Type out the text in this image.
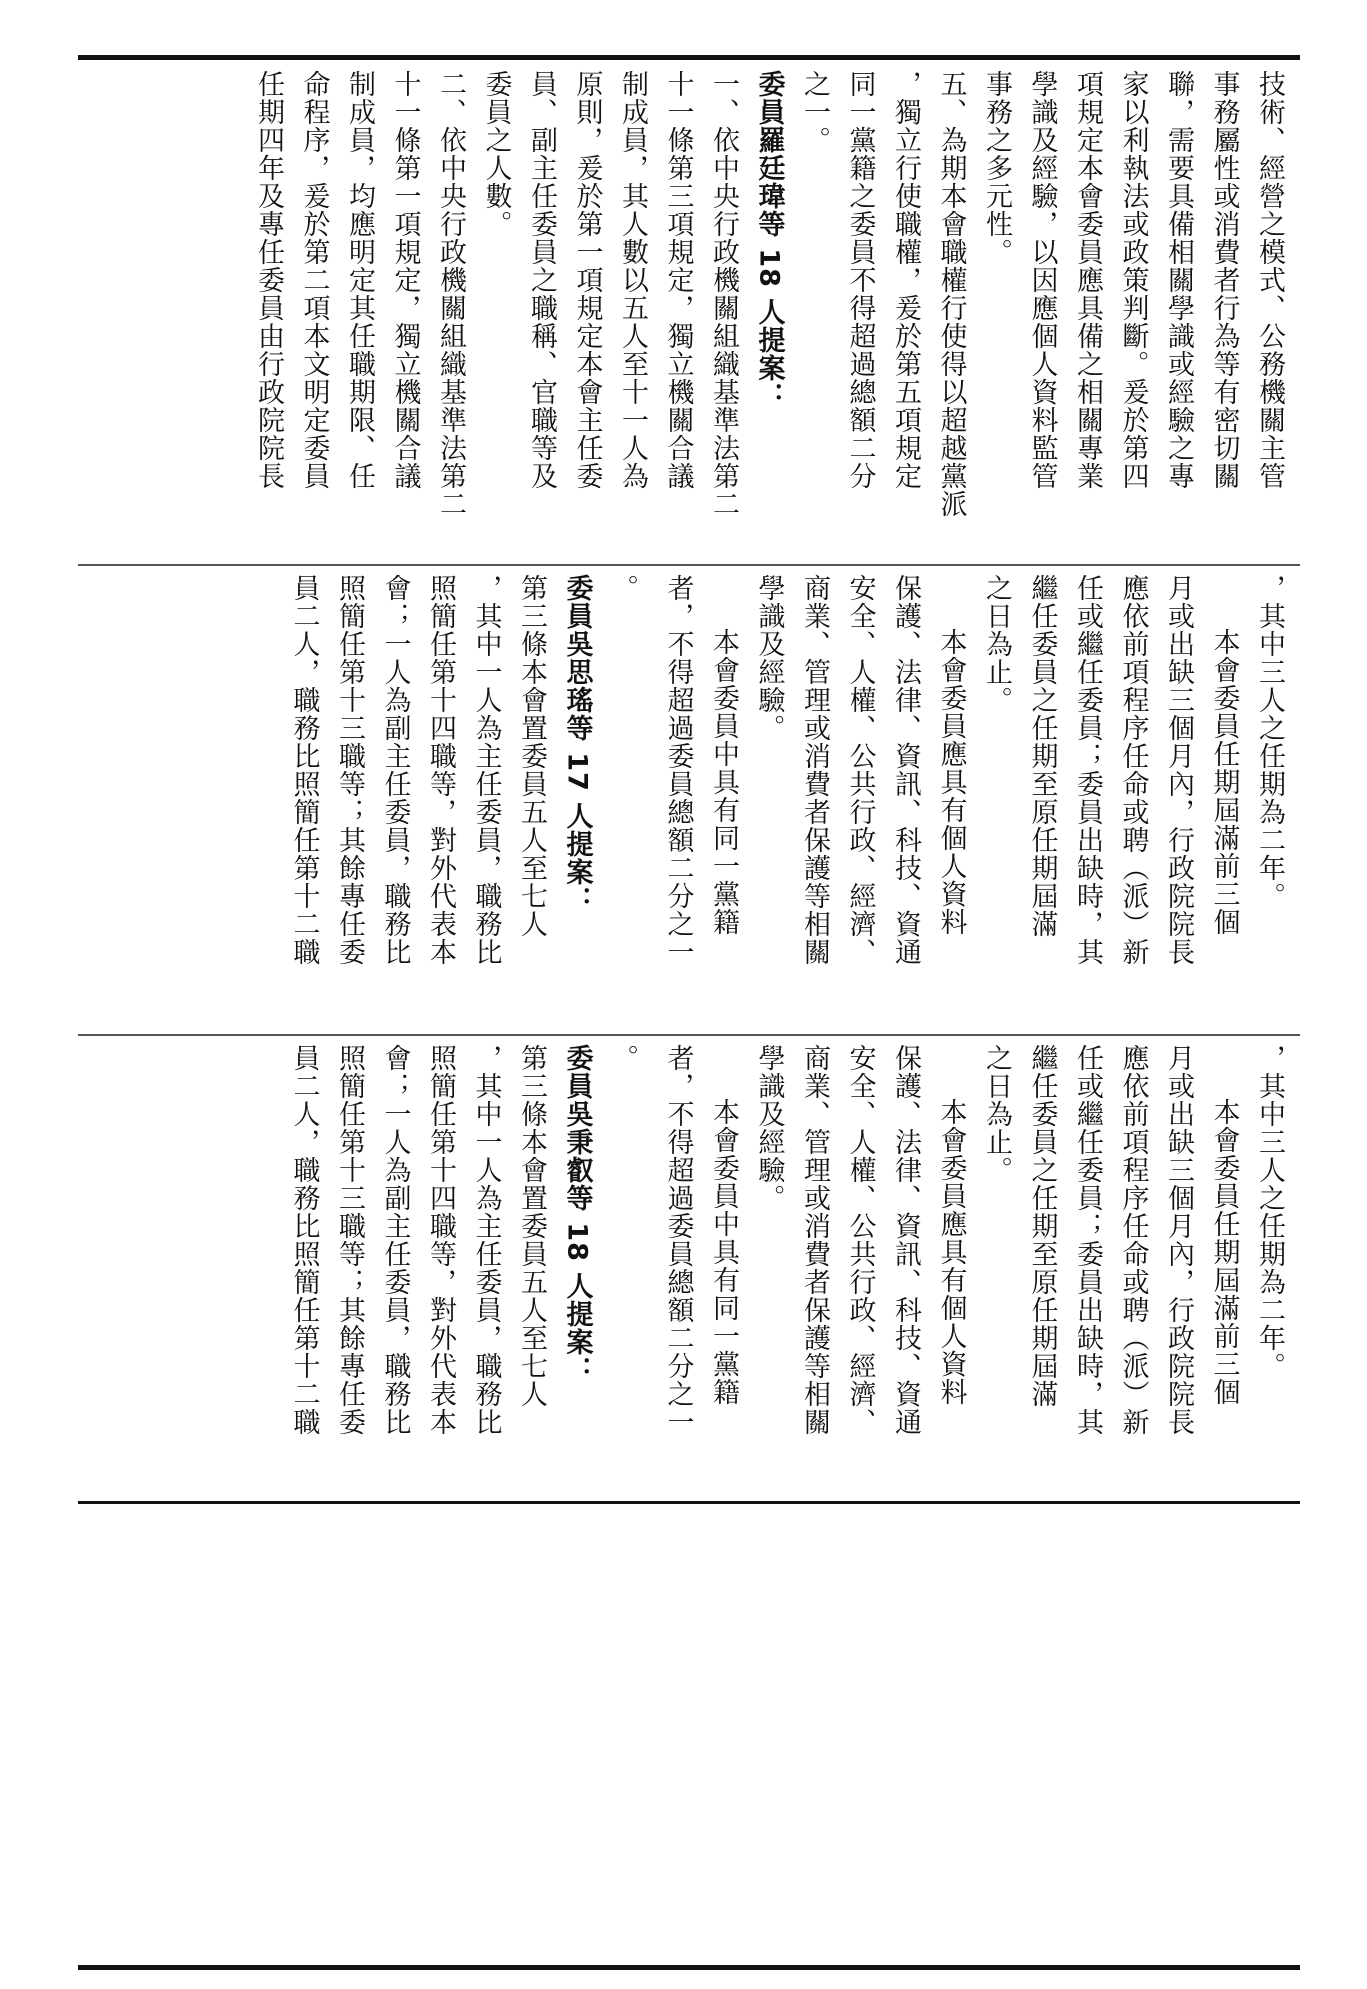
技術、經營之模式、公務機關主管

事務屬性或消費者行為等有密切關

聯，需要具備相關學識或經驗之專

家以利執法或政策判斷。爰於第四

項規定本會委員應具備之相關專業

學識及經驗，以因應個人資料監管

事務之多元性。

五、為期本會職權行使得以超越黨派

，獨立行使職權，爰於第五項規定

同一黨籍之委員不得超過總額二分

之一。

委員羅廷瑋等 18 人提案：

一、依中央行政機關組織基準法第二

十一條第三項規定，獨立機關合議

制成員，其人數以五人至十一人為

原則，爰於第一項規定本會主任委

員、副主任委員之職稱、官職等及

委員之人數。

二、依中央行政機關組織基準法第二

十一條第一項規定，獨立機關合議

制成員，均應明定其任職期限、任

命程序，爰於第二項本文明定委員

任期四年及專任委員由行政院院長

，其中三人之任期為二年。

本會委員任期屆滿前三個

月或出缺三個月內，行政院院長

應依前項程序任命或聘（派）新

任或繼任委員；委員出缺時，其

繼任委員之任期至原任期屆滿

之日為止。

本會委員應具有個人資料

保護、法律、資訊、科技、資通

安全、人權、公共行政、經濟、

商業、管理或消費者保護等相關

學識及經驗。

本會委員中具有同一黨籍

者，不得超過委員總額二分之一

。

委員吳思瑤等 17 人提案：

第三條本會置委員五人至七人

，其中一人為主任委員，職務比

照簡任第十四職等，對外代表本

會；一人為副主任委員，職務比

照簡任第十三職等；其餘專任委

員二人，職務比照簡任第十二職

，其中三人之任期為二年。

本會委員任期屆滿前三個

月或出缺三個月內，行政院院長

應依前項程序任命或聘（派）新

任或繼任委員；委員出缺時，其

繼任委員之任期至原任期屆滿

之日為止。

本會委員應具有個人資料

保護、法律、資訊、科技、資通

安全、人權、公共行政、經濟、

商業、管理或消費者保護等相關

學識及經驗。

本會委員中具有同一黨籍

者，不得超過委員總額二分之一

。

委員吳秉叡等 18 人提案：

第三條本會置委員五人至七人

，其中一人為主任委員，職務比

照簡任第十四職等，對外代表本

會；一人為副主任委員，職務比

照簡任第十三職等；其餘專任委

員二人，職務比照簡任第十二職
